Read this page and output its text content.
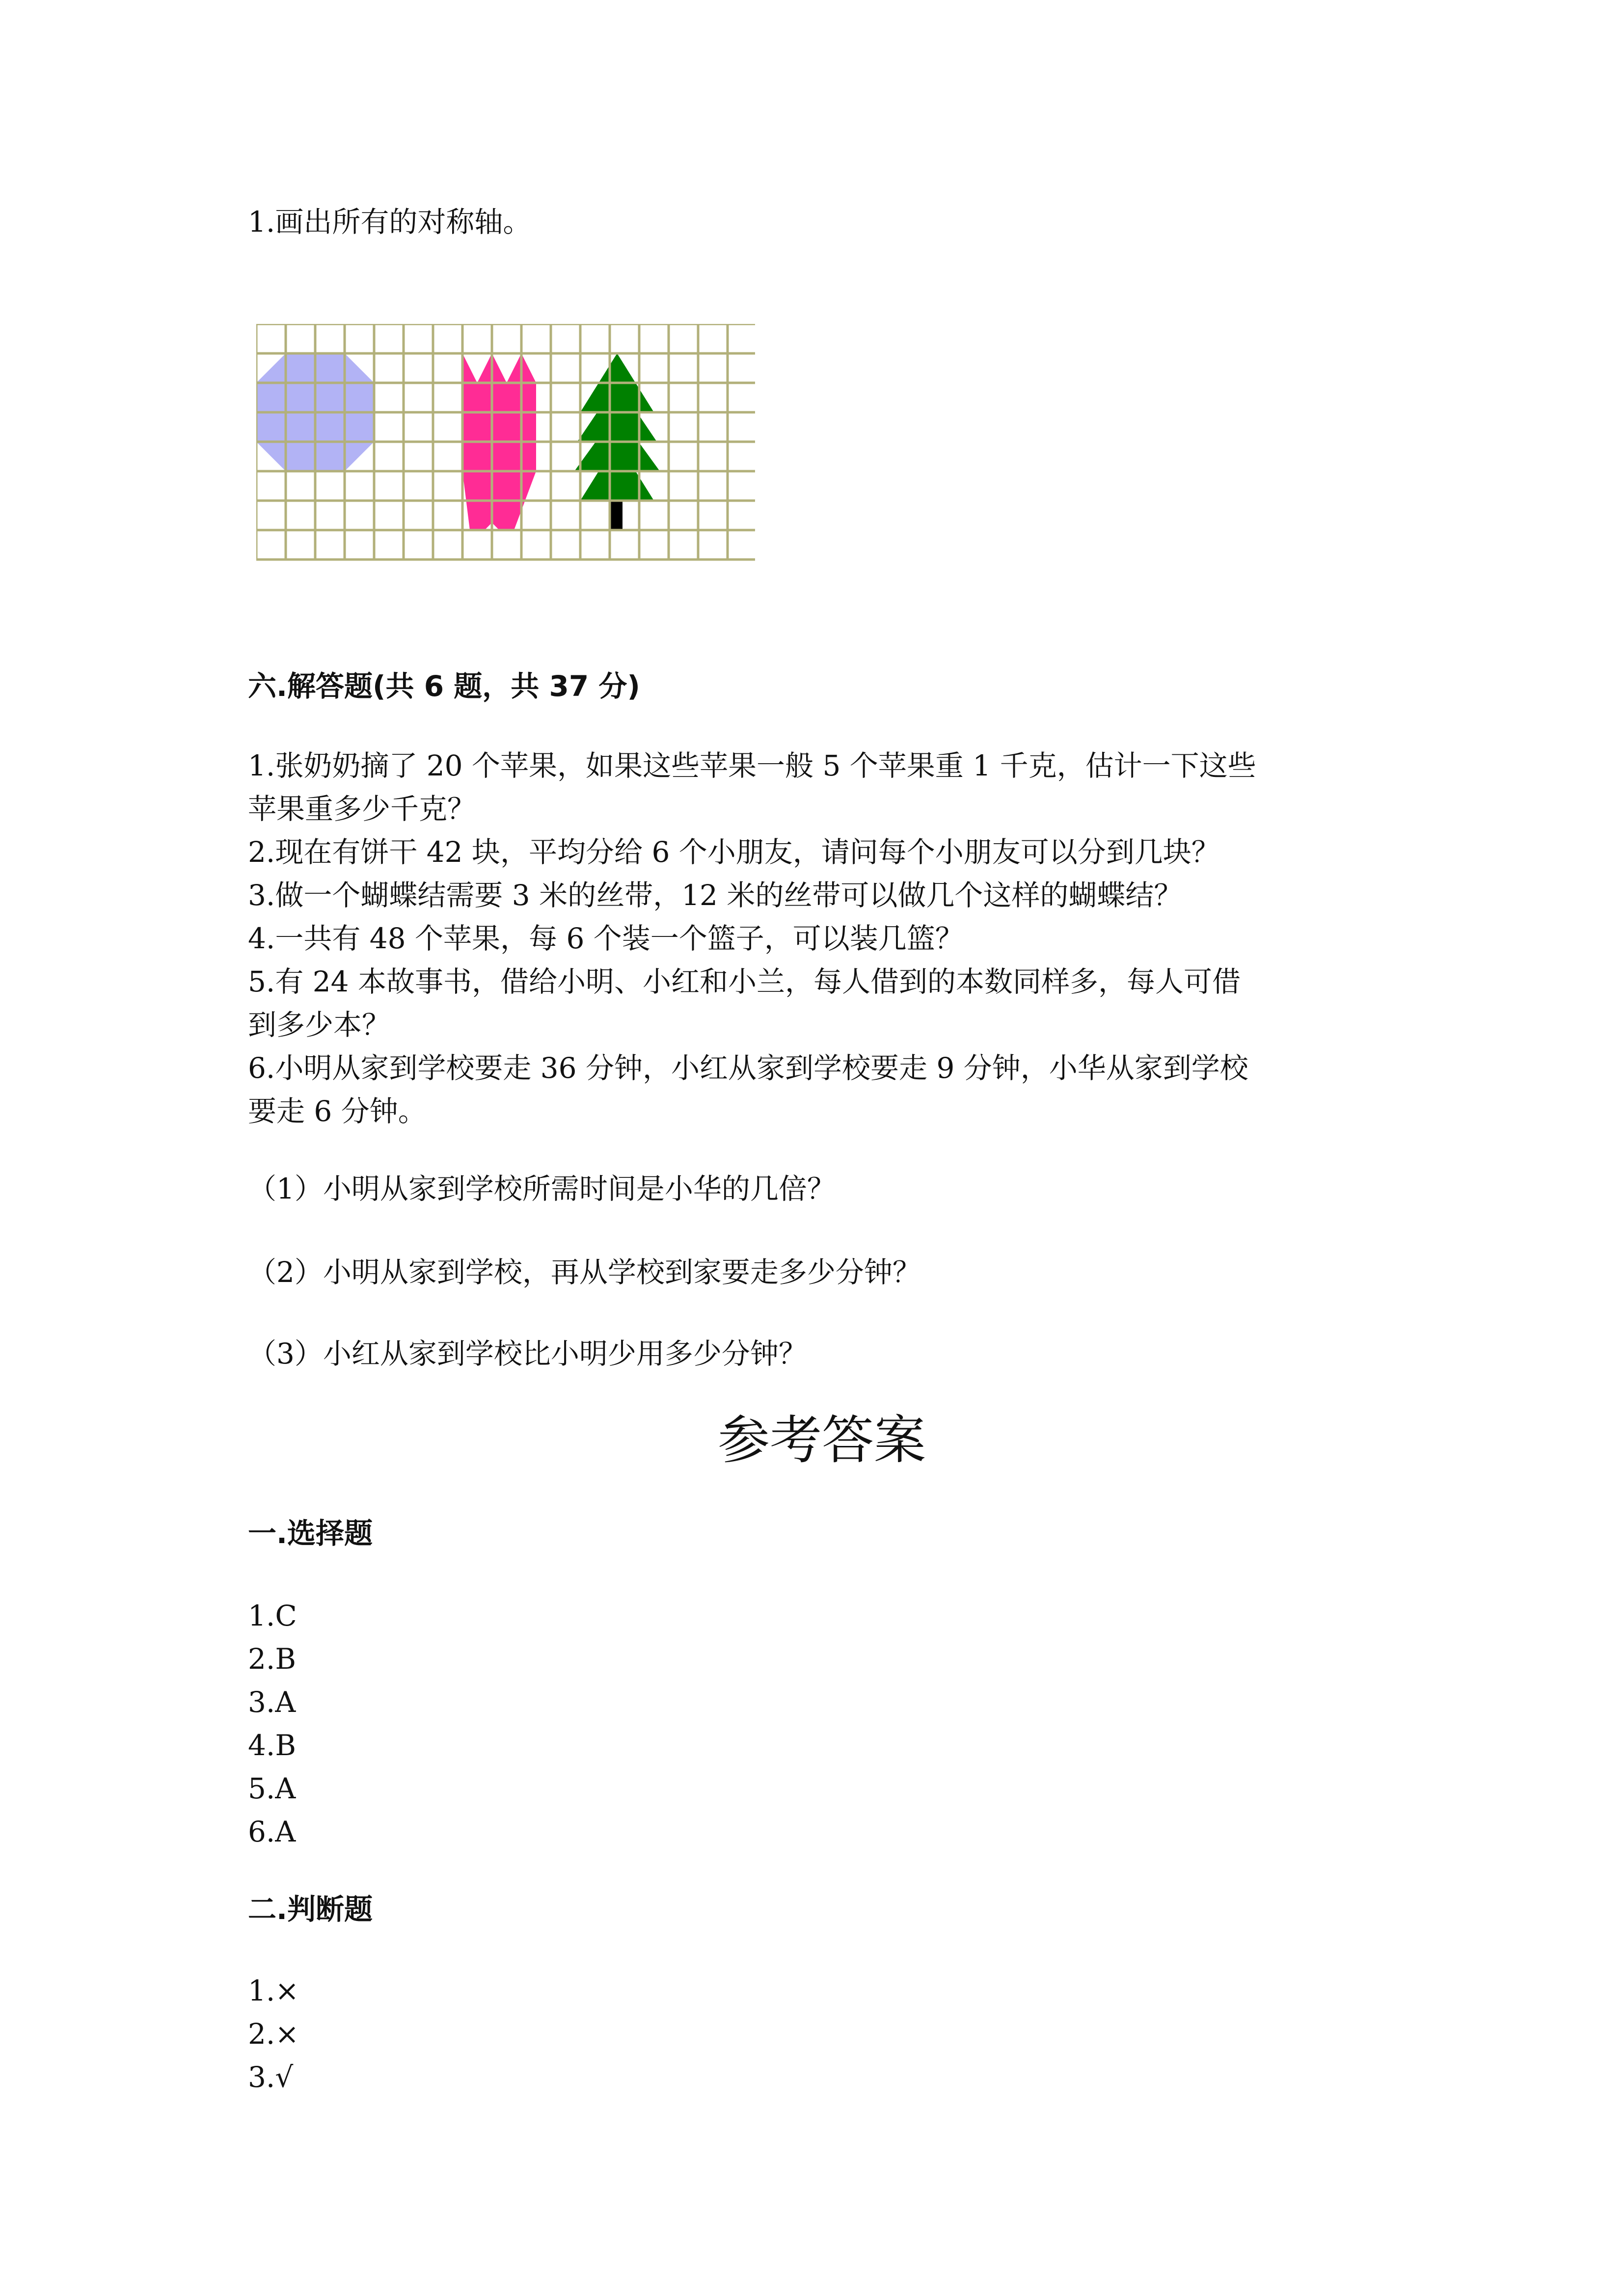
1.画出所有的对称轴。
六.解答题(共 6 题，共 37 分)
1.张奶奶摘了 20 个苹果，如果这些苹果一般 5 个苹果重 1 千克，估计一下这些
苹果重多少千克？
2.现在有饼干 42 块，平均分给 6 个小朋友，请问每个小朋友可以分到几块？
3.做一个蝴蝶结需要 3 米的丝带，12 米的丝带可以做几个这样的蝴蝶结？
4.一共有 48 个苹果，每 6 个装一个篮子，可以装几篮？
5.有 24 本故事书，借给小明、小红和小兰，每人借到的本数同样多，每人可借
到多少本？
6.小明从家到学校要走 36 分钟，小红从家到学校要走 9 分钟，小华从家到学校
要走 6 分钟。
（1）小明从家到学校所需时间是小华的几倍？
（2）小明从家到学校，再从学校到家要走多少分钟？
（3）小红从家到学校比小明少用多少分钟？
参考答案
一.选择题
1.C
2.B
3.A
4.B
5.A
6.A
二.判断题
1.×
2.×
3.√
